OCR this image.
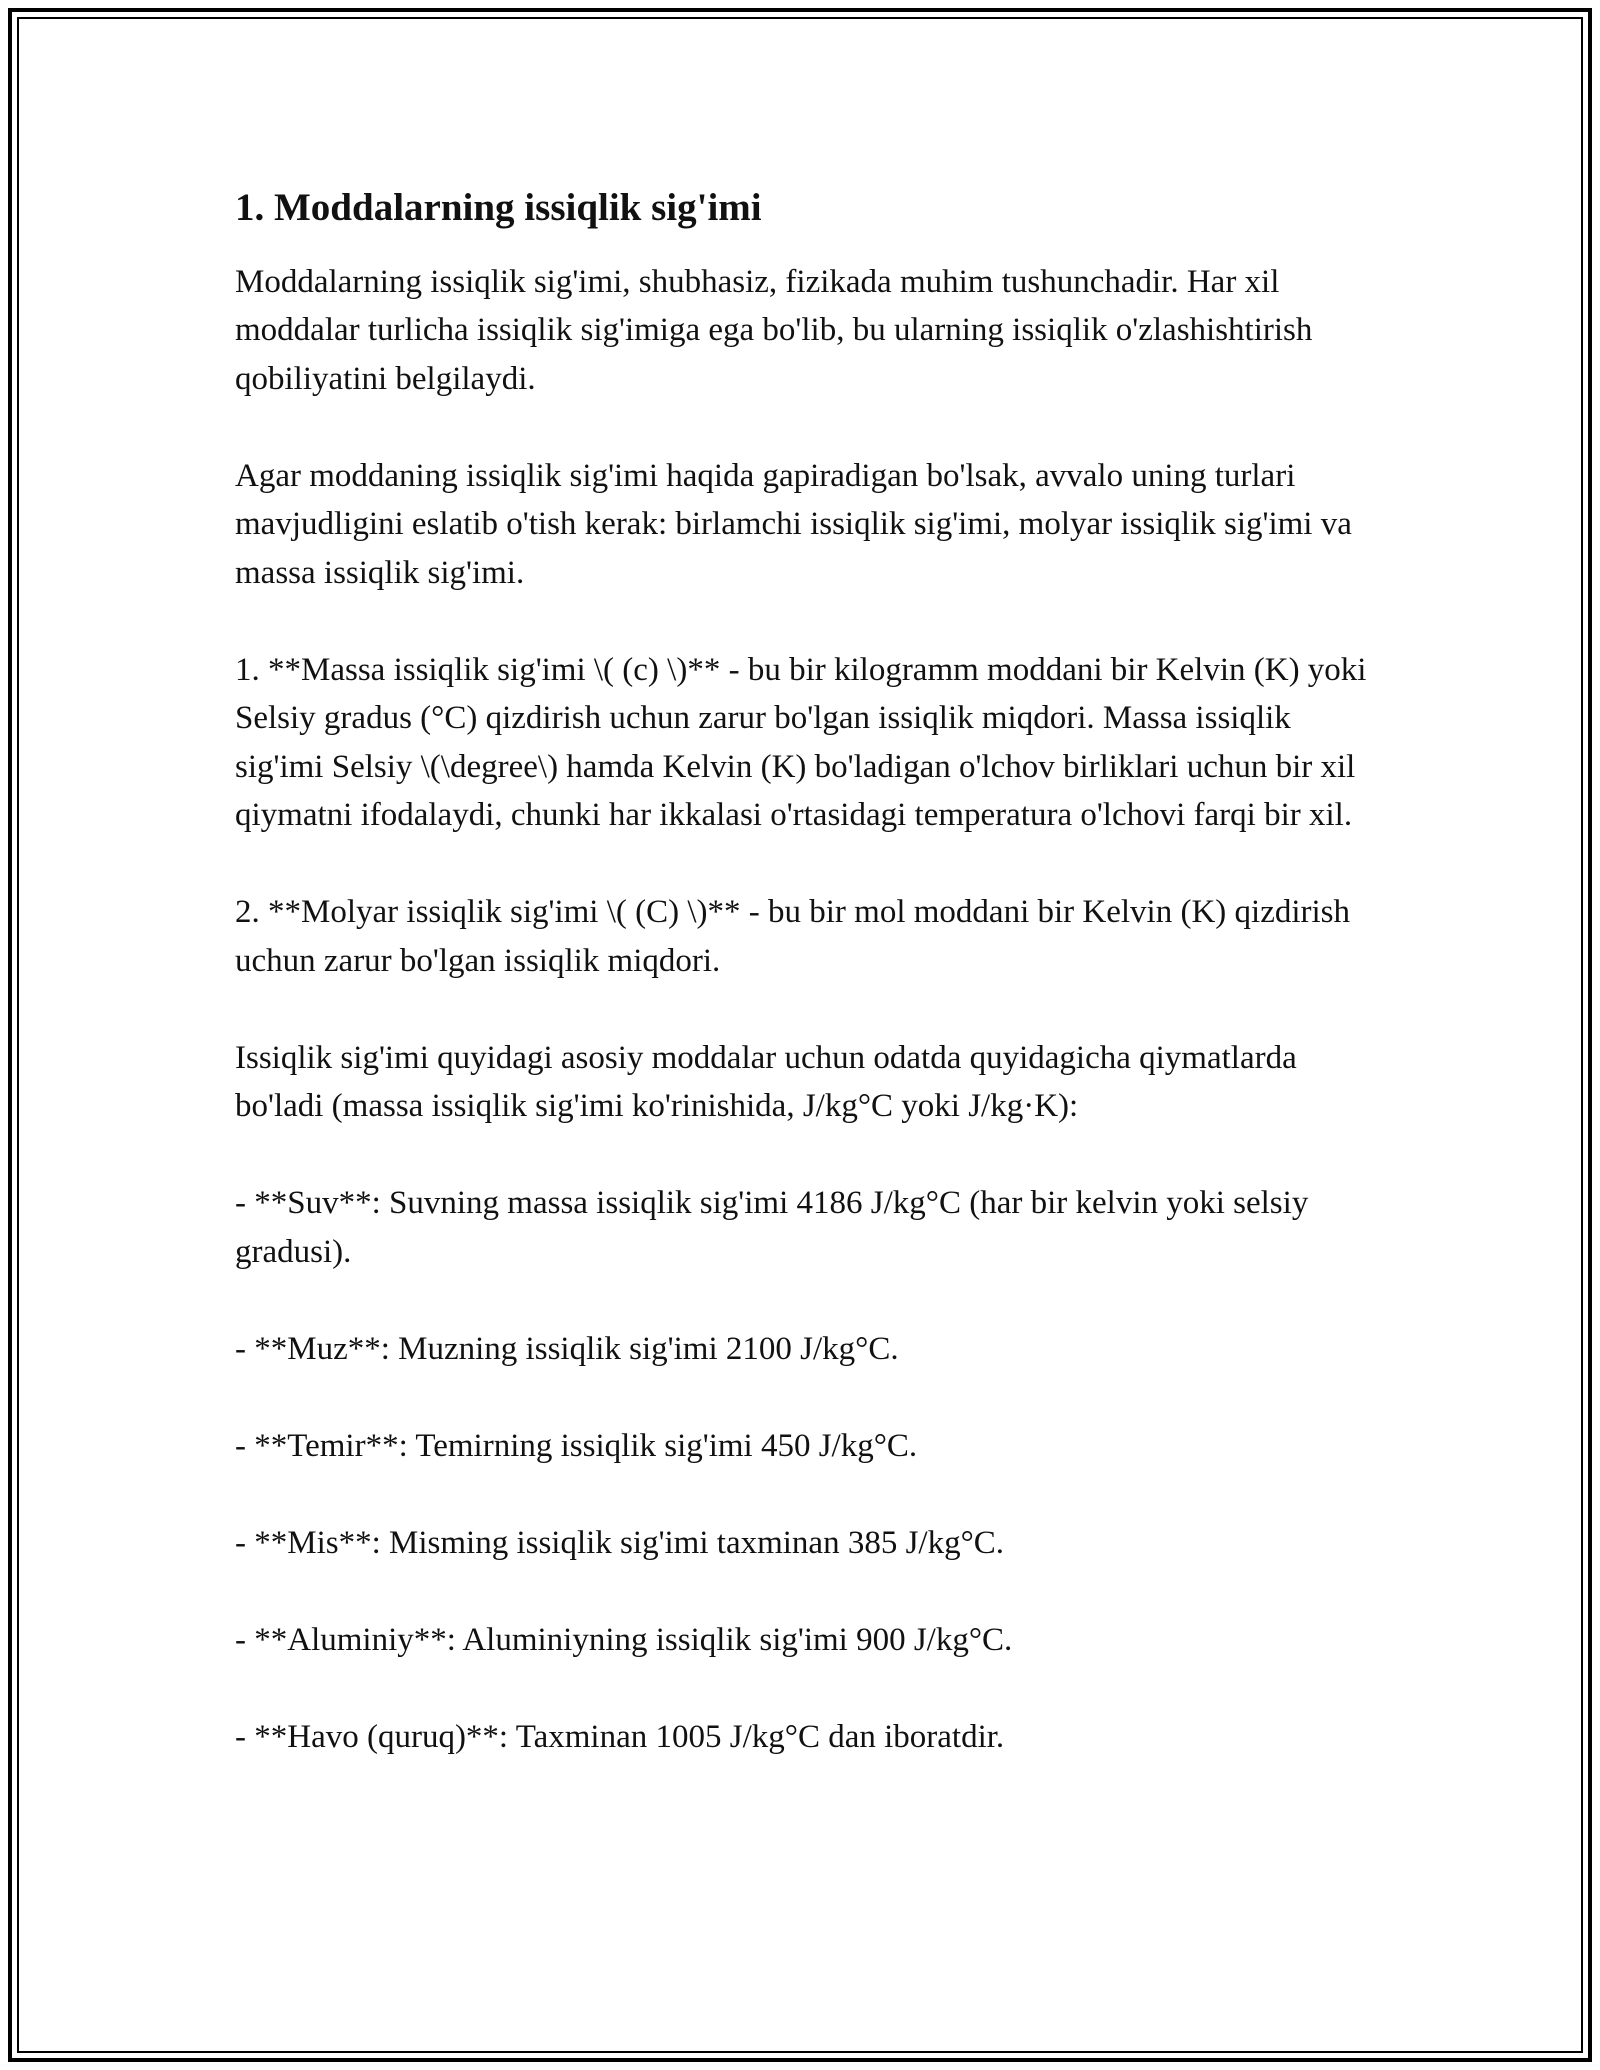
1. Moddalarning issiqlik sig'imi

Moddalarning issiqlik sig'imi, shubhasiz, fizikada muhim tushunchadir. Har xil moddalar turlicha issiqlik sig'imiga ega bo'lib, bu ularning issiqlik o'zlashishtirish qobiliyatini belgilaydi.

Agar moddaning issiqlik sig'imi haqida gapiradigan bo'lsak, avvalo uning turlari mavjudligini eslatib o'tish kerak: birlamchi issiqlik sig'imi, molyar issiqlik sig'imi va massa issiqlik sig'imi.

1. **Massa issiqlik sig'imi \( (c) \)** - bu bir kilogramm moddani bir Kelvin (K) yoki Selsiy gradus (°C) qizdirish uchun zarur bo'lgan issiqlik miqdori. Massa issiqlik sig'imi Selsiy \(\degree\) hamda Kelvin (K) bo'ladigan o'lchov birliklari uchun bir xil qiymatni ifodalaydi, chunki har ikkalasi o'rtasidagi temperatura o'lchovi farqi bir xil.

2. **Molyar issiqlik sig'imi \( (C) \)** - bu bir mol moddani bir Kelvin (K) qizdirish uchun zarur bo'lgan issiqlik miqdori.

Issiqlik sig'imi quyidagi asosiy moddalar uchun odatda quyidagicha qiymatlarda bo'ladi (massa issiqlik sig'imi ko'rinishida, J/kg°C yoki J/kg·K):

- **Suv**: Suvning massa issiqlik sig'imi 4186 J/kg°C (har bir kelvin yoki selsiy gradusi).

- **Muz**: Muzning issiqlik sig'imi 2100 J/kg°C.

- **Temir**: Temirning issiqlik sig'imi 450 J/kg°C.

- **Mis**: Misming issiqlik sig'imi taxminan 385 J/kg°C.

- **Aluminiy**: Aluminiyning issiqlik sig'imi 900 J/kg°C.

- **Havo (quruq)**: Taxminan 1005 J/kg°C dan iboratdir.
